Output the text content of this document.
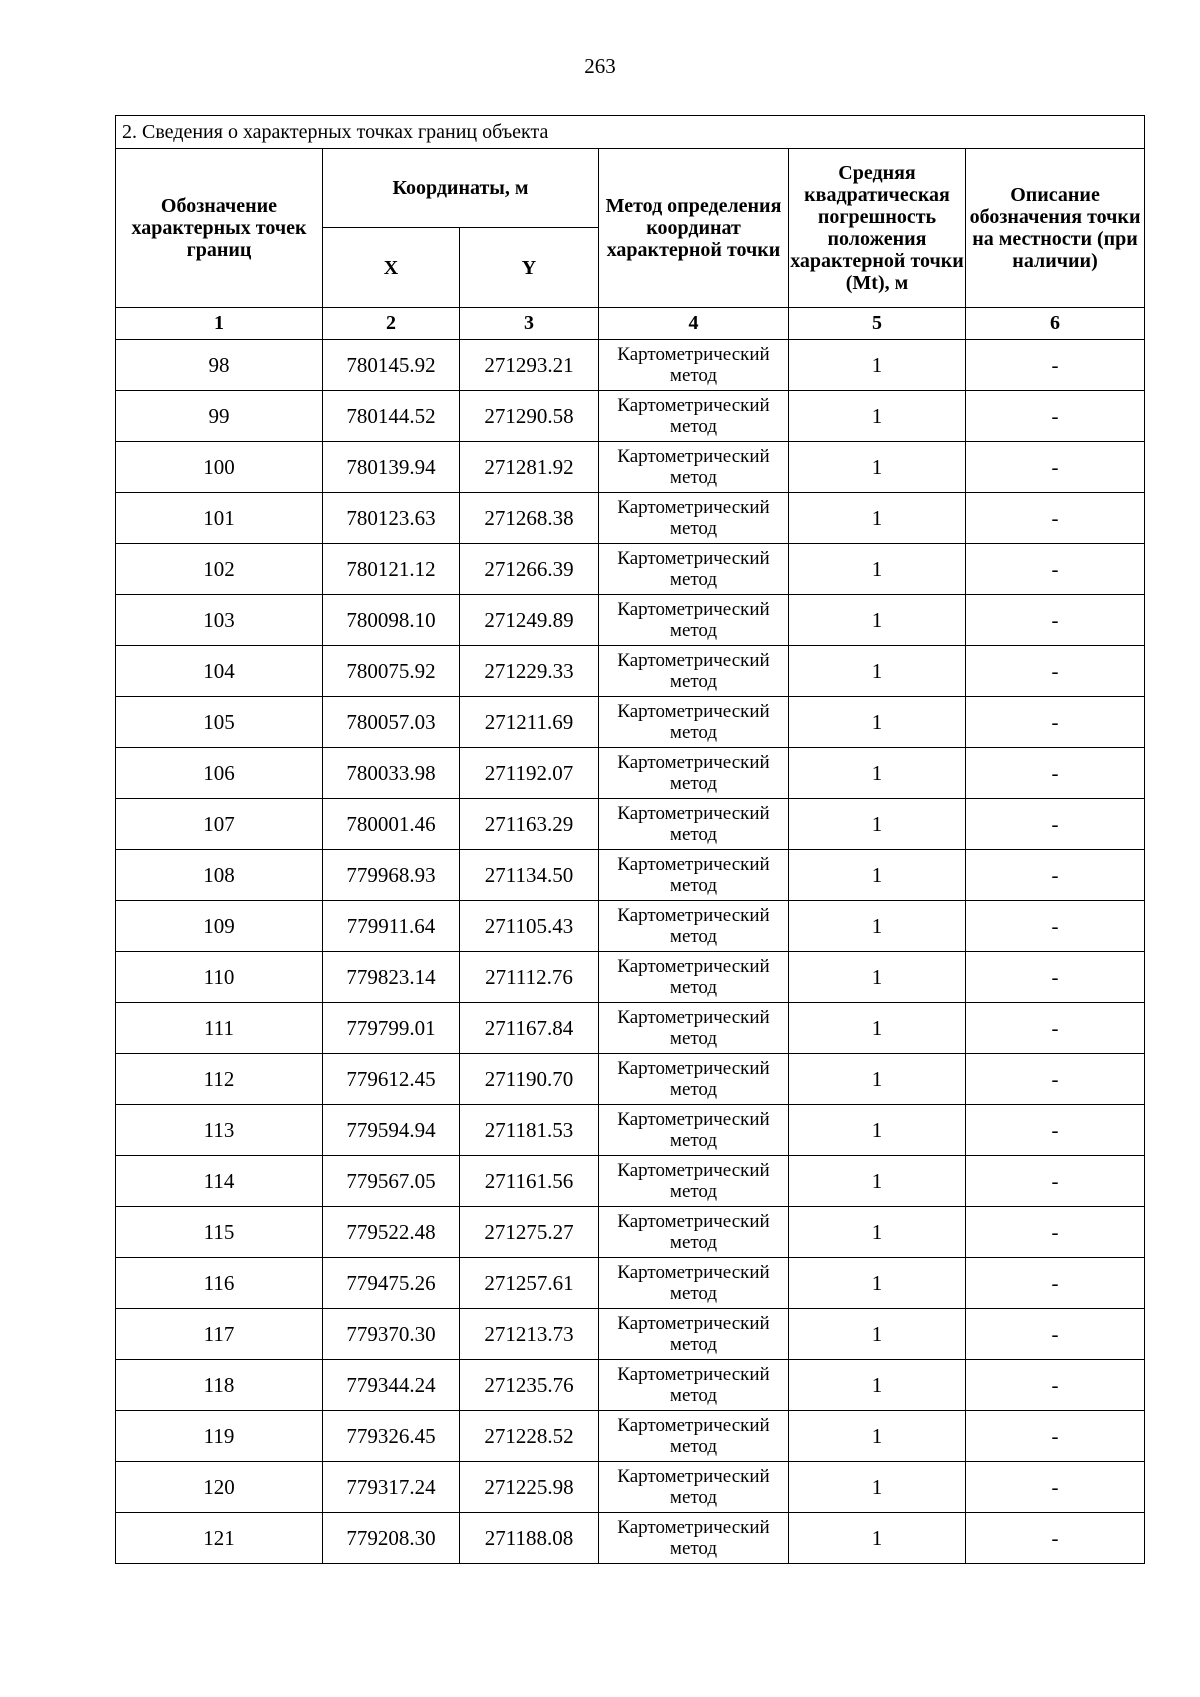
263
2. Сведения о характерных точках границ объекта					
Обозначение характерных точек границ	Координаты, м		Метод определения координат характерной точки	Средняя квадратическая погрешность положения характерной точки (Mt), м	Описание обозначения точки на местности (при наличии)
	X	Y			
1	2	3	4	5	6
98	780145.92	271293.21	Картометрический метод	1	-
99	780144.52	271290.58	Картометрический метод	1	-
100	780139.94	271281.92	Картометрический метод	1	-
101	780123.63	271268.38	Картометрический метод	1	-
102	780121.12	271266.39	Картометрический метод	1	-
103	780098.10	271249.89	Картометрический метод	1	-
104	780075.92	271229.33	Картометрический метод	1	-
105	780057.03	271211.69	Картометрический метод	1	-
106	780033.98	271192.07	Картометрический метод	1	-
107	780001.46	271163.29	Картометрический метод	1	-
108	779968.93	271134.50	Картометрический метод	1	-
109	779911.64	271105.43	Картометрический метод	1	-
110	779823.14	271112.76	Картометрический метод	1	-
111	779799.01	271167.84	Картометрический метод	1	-
112	779612.45	271190.70	Картометрический метод	1	-
113	779594.94	271181.53	Картометрический метод	1	-
114	779567.05	271161.56	Картометрический метод	1	-
115	779522.48	271275.27	Картометрический метод	1	-
116	779475.26	271257.61	Картометрический метод	1	-
117	779370.30	271213.73	Картометрический метод	1	-
118	779344.24	271235.76	Картометрический метод	1	-
119	779326.45	271228.52	Картометрический метод	1	-
120	779317.24	271225.98	Картометрический метод	1	-
121	779208.30	271188.08	Картометрический метод	1	-
